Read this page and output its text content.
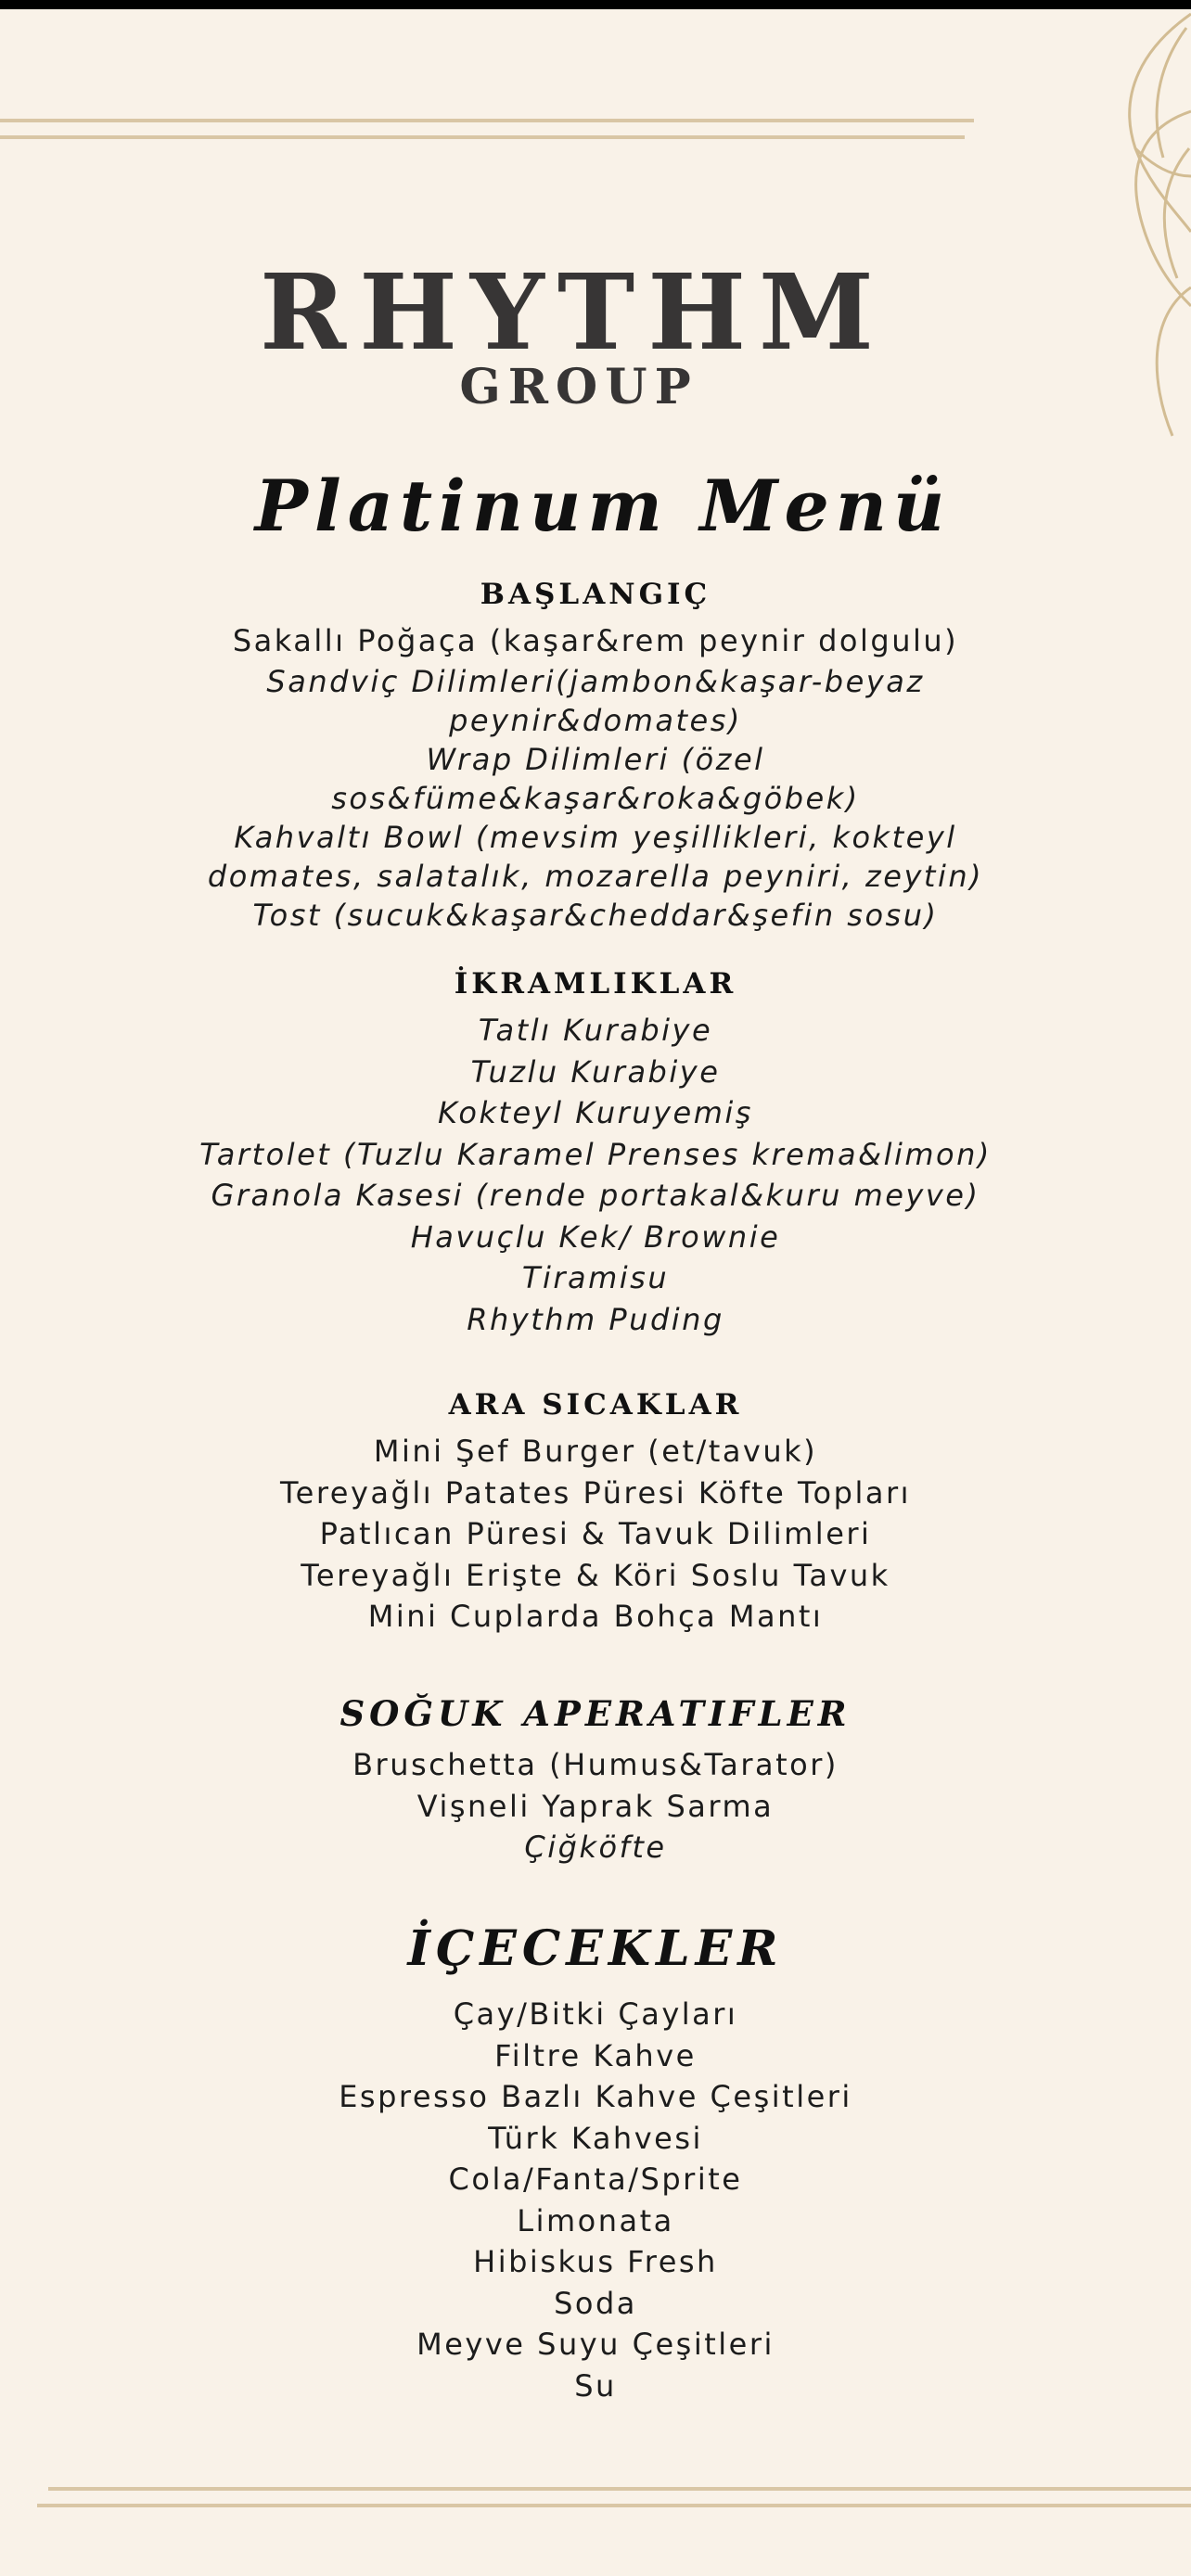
RHYTHM
GROUP
Platinum Menü
BAŞLANGIÇ
Sakallı Poğaça (kaşar&rem peynir dolgulu)
Sandviç Dilimleri(jambon&kaşar-beyaz
peynir&domates)
Wrap Dilimleri (özel
sos&füme&kaşar&roka&göbek)
Kahvaltı Bowl (mevsim yeşillikleri, kokteyl
domates, salatalık, mozarella peyniri, zeytin)
Tost (sucuk&kaşar&cheddar&şefin sosu)
İKRAMLIKLAR
Tatlı Kurabiye
Tuzlu Kurabiye
Kokteyl Kuruyemiş
Tartolet (Tuzlu Karamel Prenses krema&limon)
Granola Kasesi (rende portakal&kuru meyve)
Havuçlu Kek/ Brownie
Tiramisu
Rhythm Puding
ARA SICAKLAR
Mini Şef Burger (et/tavuk)
Tereyağlı Patates Püresi Köfte Topları
Patlıcan Püresi & Tavuk Dilimleri
Tereyağlı Erişte & Köri Soslu Tavuk
Mini Cuplarda Bohça Mantı
SOĞUK APERATIFLER
Bruschetta (Humus&Tarator)
Vişneli Yaprak Sarma
Çiğköfte
İÇECEKLER
Çay/Bitki Çayları
Filtre Kahve
Espresso Bazlı Kahve Çeşitleri
Türk Kahvesi
Cola/Fanta/Sprite
Limonata
Hibiskus Fresh
Soda
Meyve Suyu Çeşitleri
Su
